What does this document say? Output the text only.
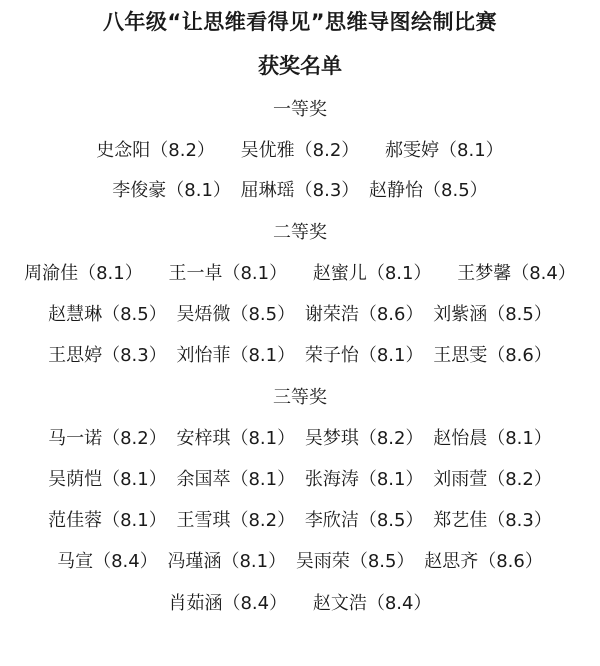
八年级“让思维看得见”思维导图绘制比赛
获奖名单
一等奖
史念阳（8.2） 吴优雅（8.2） 郝雯婷（8.1）
李俊豪（8.1） 屈琳瑶（8.3） 赵静怡（8.5）
二等奖
周渝佳（8.1） 王一卓（8.1） 赵蜜儿（8.1） 王梦馨（8.4）
赵慧琳（8.5） 吴焐微（8.5） 谢荣浩（8.6） 刘紫涵（8.5）
王思婷（8.3） 刘怡菲（8.1） 荣子怡（8.1） 王思雯（8.6）
三等奖
马一诺（8.2） 安梓琪（8.1） 吴梦琪（8.2） 赵怡晨（8.1）
吴荫恺（8.1） 余国萃（8.1） 张海涛（8.1） 刘雨萱（8.2）
范佳蓉（8.1） 王雪琪（8.2） 李欣洁（8.5） 郑艺佳（8.3）
马宣（8.4） 冯瑾涵（8.1） 吴雨荣（8.5） 赵思齐（8.6）
肖茹涵（8.4） 赵文浩（8.4）
